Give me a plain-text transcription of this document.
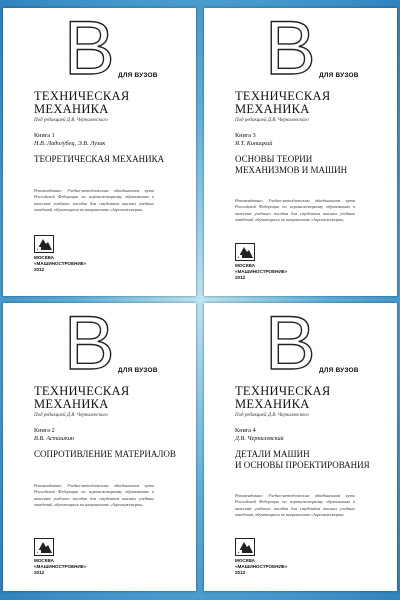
B ДЛЯ ВУЗОВ
ТЕХНИЧЕСКАЯ
МЕХАНИКА
Под редакцией Д.В. Чернилевского
Книга 1
Н.В. Ладогубец, Э.В. Лузик
ТЕОРЕТИЧЕСКАЯ МЕХАНИКА
Рекомендовано Учебно-методическим объединением вузов Российской Федерации по агроинженерному образованию в качестве учебного пособия для студентов высших учебных заведений, обучающихся по направлению «Агроинженерия»
МОСКВА
«МАШИНОСТРОЕНИЕ»
2012
B ДЛЯ ВУЗОВ
ТЕХНИЧЕСКАЯ
МЕХАНИКА
Под редакцией Д.В. Чернилевского
Книга 3
Я.Т. Киницкий
ОСНОВЫ ТЕОРИИ
МЕХАНИЗМОВ И МАШИН
Рекомендовано Учебно-методическим объединением вузов Российской Федерации по агроинженерному образованию в качестве учебного пособия для студентов высших учебных заведений, обучающихся по направлению «Агроинженерия»
МОСКВА
«МАШИНОСТРОЕНИЕ»
2012
B ДЛЯ ВУЗОВ
ТЕХНИЧЕСКАЯ
МЕХАНИКА
Под редакцией Д.В. Чернилевского
Книга 2
В.В. Асташкин
СОПРОТИВЛЕНИЕ МАТЕРИАЛОВ
Рекомендовано Учебно-методическим объединением вузов Российской Федерации по агроинженерному образованию в качестве учебного пособия для студентов высших учебных заведений, обучающихся по направлению «Агроинженерия»
МОСКВА
«МАШИНОСТРОЕНИЕ»
2012
B ДЛЯ ВУЗОВ
ТЕХНИЧЕСКАЯ
МЕХАНИКА
Под редакцией Д.В. Чернилевского
Книга 4
Д.В. Чернилевский
ДЕТАЛИ МАШИН
И ОСНОВЫ ПРОЕКТИРОВАНИЯ
Рекомендовано Учебно-методическим объединением вузов Российской Федерации по агроинженерному образованию в качестве учебного пособия для студентов высших учебных заведений, обучающихся по направлению «Агроинженерия»
МОСКВА
«МАШИНОСТРОЕНИЕ»
2012
